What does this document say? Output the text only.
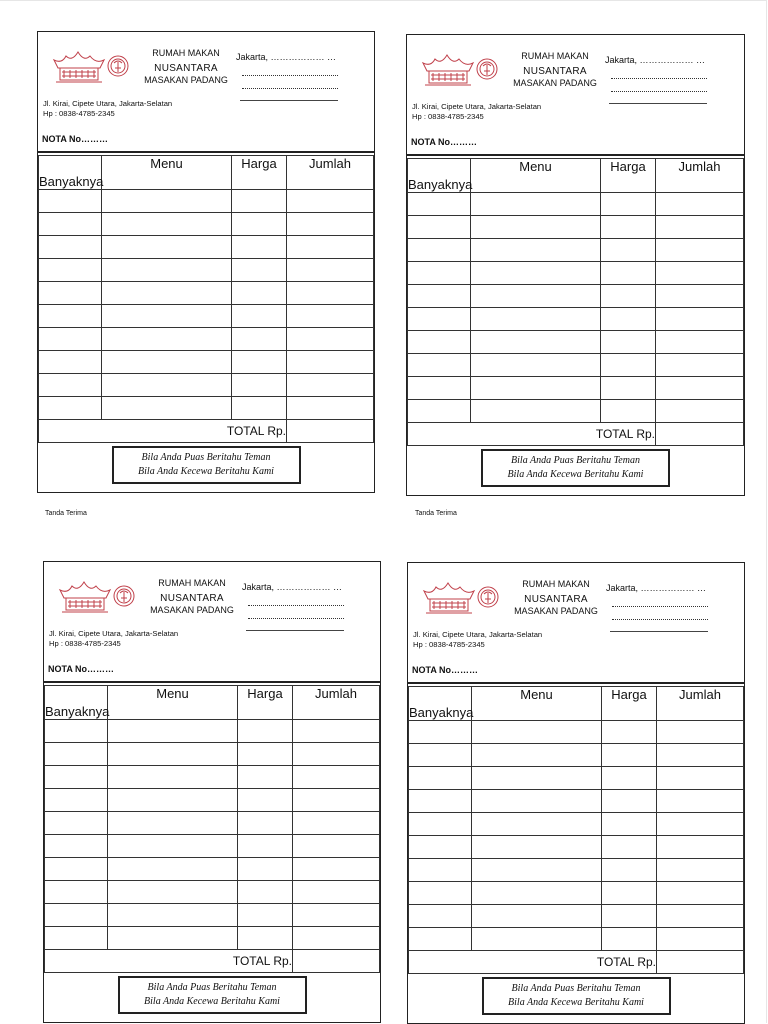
RUMAH MAKAN
NUSANTARA
MASAKAN PADANG
Jakarta, ……………… …
Jl. Kirai, Cipete Utara, Jakarta-Selatan
Hp : 0838-4785-2345
NOTA No………
Banyaknya	Menu	Harga	Jumlah

TOTAL Rp.			
Bila Anda Puas Beritahu Teman
Bila Anda Kecewa Beritahu Kami
RUMAH MAKAN
NUSANTARA
MASAKAN PADANG
Jakarta, ……………… …
Jl. Kirai, Cipete Utara, Jakarta-Selatan
Hp : 0838-4785-2345
NOTA No………
Banyaknya	Menu	Harga	Jumlah

TOTAL Rp.			
Bila Anda Puas Beritahu Teman
Bila Anda Kecewa Beritahu Kami
RUMAH MAKAN
NUSANTARA
MASAKAN PADANG
Jakarta, ……………… …
Jl. Kirai, Cipete Utara, Jakarta-Selatan
Hp : 0838-4785-2345
NOTA No………
Banyaknya	Menu	Harga	Jumlah

TOTAL Rp.			
Bila Anda Puas Beritahu Teman
Bila Anda Kecewa Beritahu Kami
RUMAH MAKAN
NUSANTARA
MASAKAN PADANG
Jakarta, ……………… …
Jl. Kirai, Cipete Utara, Jakarta-Selatan
Hp : 0838-4785-2345
NOTA No………
Banyaknya	Menu	Harga	Jumlah

TOTAL Rp.			
Bila Anda Puas Beritahu Teman
Bila Anda Kecewa Beritahu Kami
Tanda Terima	Tanda Terima
